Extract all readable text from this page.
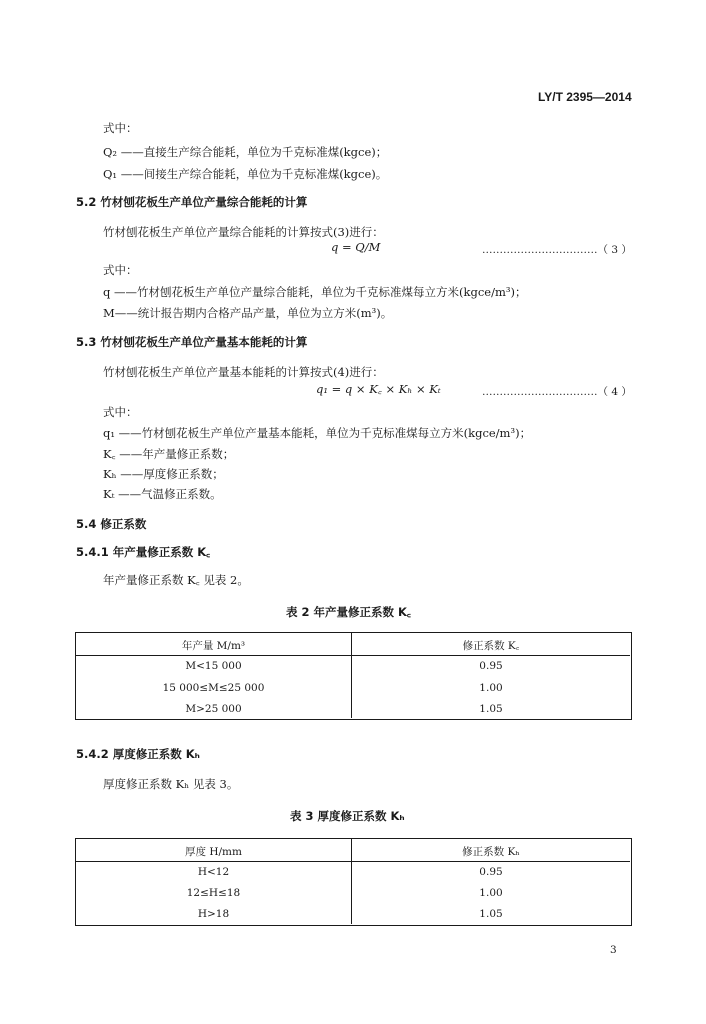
LY/T 2395—2014
式中：
Q₂ ——直接生产综合能耗，单位为千克标准煤(kgce)；
Q₁ ——间接生产综合能耗，单位为千克标准煤(kgce)。
5.2 竹材刨花板生产单位产量综合能耗的计算
竹材刨花板生产单位产量综合能耗的计算按式(3)进行：
q = Q/M	……………………………（ 3 ）
式中：
q ——竹材刨花板生产单位产量综合能耗，单位为千克标准煤每立方米(kgce/m³)；
M——统计报告期内合格产品产量，单位为立方米(m³)。
5.3 竹材刨花板生产单位产量基本能耗的计算
竹材刨花板生产单位产量基本能耗的计算按式(4)进行：
q₁ = q × K꜀ × Kₕ × Kₜ	……………………………（ 4 ）
式中：
q₁ ——竹材刨花板生产单位产量基本能耗，单位为千克标准煤每立方米(kgce/m³)；
K꜀ ——年产量修正系数；
Kₕ ——厚度修正系数；
Kₜ ——气温修正系数。
5.4 修正系数
5.4.1 年产量修正系数 K꜀
年产量修正系数 K꜀ 见表 2。
表 2 年产量修正系数 K꜀
年产量 M/m³	修正系数 K꜀
M<15 000	0.95
15 000≤M≤25 000	1.00
M>25 000	1.05
5.4.2 厚度修正系数 Kₕ
厚度修正系数 Kₕ 见表 3。
表 3 厚度修正系数 Kₕ
厚度 H/mm	修正系数 Kₕ
H<12	0.95
12≤H≤18	1.00
H>18	1.05
3
